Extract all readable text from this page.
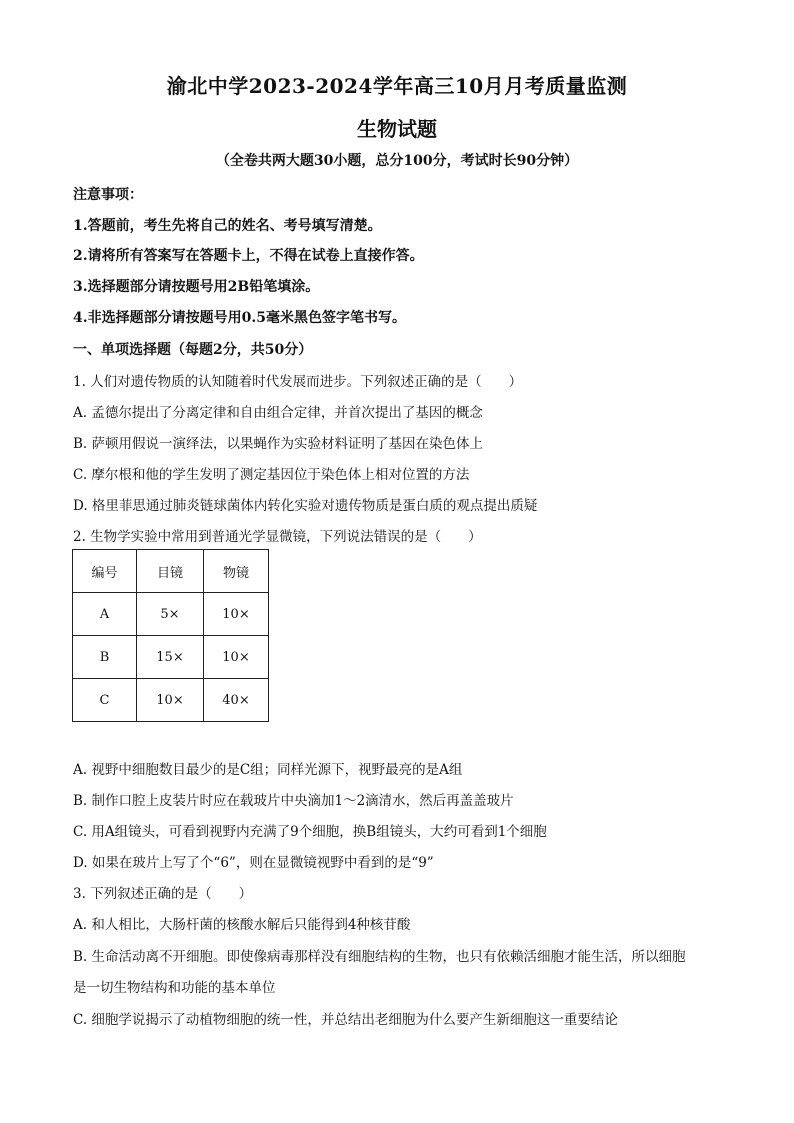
渝北中学2023-2024学年高三10月月考质量监测
生物试题
（全卷共两大题30小题，总分100分，考试时长90分钟）
注意事项：
1.答题前，考生先将自己的姓名、考号填写清楚。
2.请将所有答案写在答题卡上，不得在试卷上直接作答。
3.选择题部分请按题号用2B铅笔填涂。
4.非选择题部分请按题号用0.5毫米黑色签字笔书写。
一、单项选择题（每题2分，共50分）
1. 人们对遗传物质的认知随着时代发展而进步。下列叙述正确的是（　　）
A. 孟德尔提出了分离定律和自由组合定律，并首次提出了基因的概念
B. 萨顿用假说一演绎法，以果蝇作为实验材料证明了基因在染色体上
C. 摩尔根和他的学生发明了测定基因位于染色体上相对位置的方法
D. 格里菲思通过肺炎链球菌体内转化实验对遗传物质是蛋白质的观点提出质疑
2. 生物学实验中常用到普通光学显微镜，下列说法错误的是（　　）
编号	目镜	物镜
A	5×	10×
B	15×	10×
C	10×	40×
A. 视野中细胞数目最少的是C组；同样光源下，视野最亮的是A组
B. 制作口腔上皮装片时应在载玻片中央滴加1～2滴清水，然后再盖盖玻片
C. 用A组镜头，可看到视野内充满了9个细胞，换B组镜头，大约可看到1个细胞
D. 如果在玻片上写了个“6”，则在显微镜视野中看到的是“9”
3. 下列叙述正确的是（　　）
A. 和人相比，大肠杆菌的核酸水解后只能得到4种核苷酸
B. 生命活动离不开细胞。即使像病毒那样没有细胞结构的生物，也只有依赖活细胞才能生活，所以细胞
是一切生物结构和功能的基本单位
C. 细胞学说揭示了动植物细胞的统一性，并总结出老细胞为什么要产生新细胞这一重要结论
